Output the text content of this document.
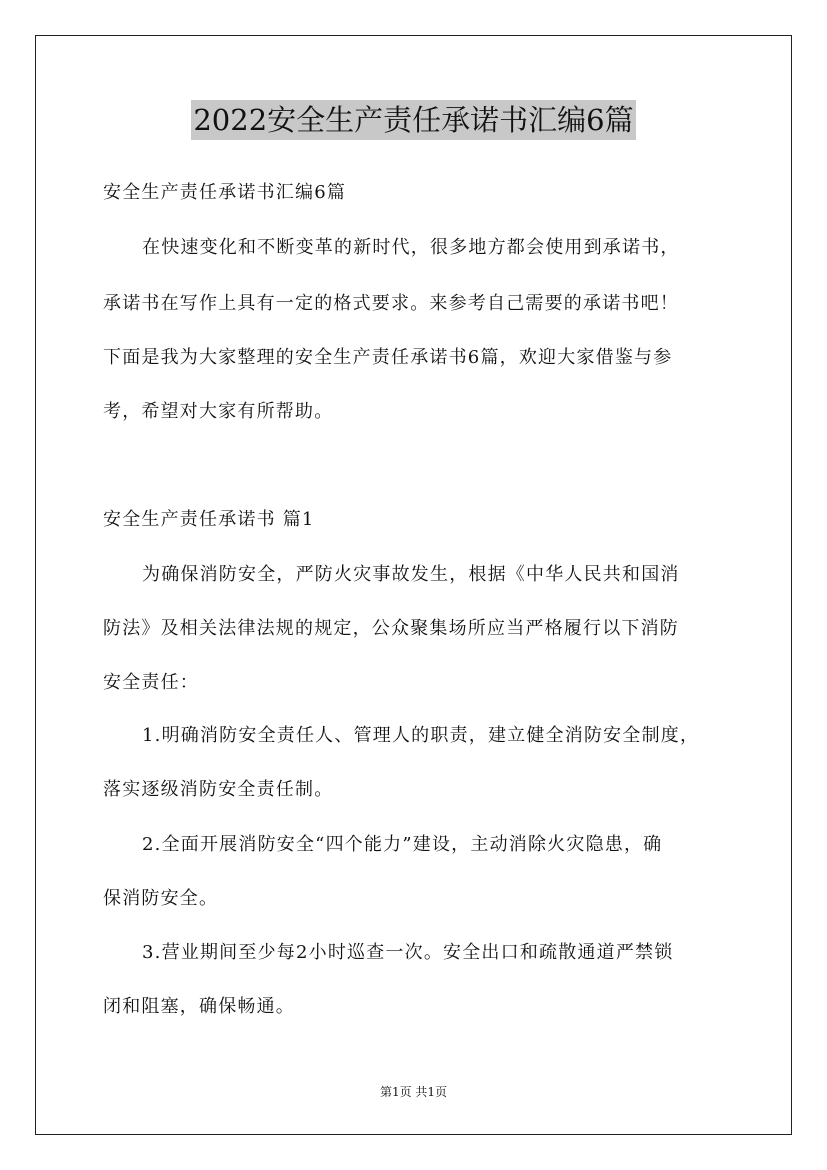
2022安全生产责任承诺书汇编6篇
安全生产责任承诺书汇编6篇
在快速变化和不断变革的新时代，很多地方都会使用到承诺书，
承诺书在写作上具有一定的格式要求。来参考自己需要的承诺书吧！
下面是我为大家整理的安全生产责任承诺书6篇，欢迎大家借鉴与参
考，希望对大家有所帮助。
安全生产责任承诺书 篇1
为确保消防安全，严防火灾事故发生，根据《中华人民共和国消
防法》及相关法律法规的规定，公众聚集场所应当严格履行以下消防
安全责任：
1.明确消防安全责任人、管理人的职责，建立健全消防安全制度，
落实逐级消防安全责任制。
2.全面开展消防安全“四个能力”建设，主动消除火灾隐患，确
保消防安全。
3.营业期间至少每2小时巡查一次。安全出口和疏散通道严禁锁
闭和阻塞，确保畅通。
第1页 共1页
